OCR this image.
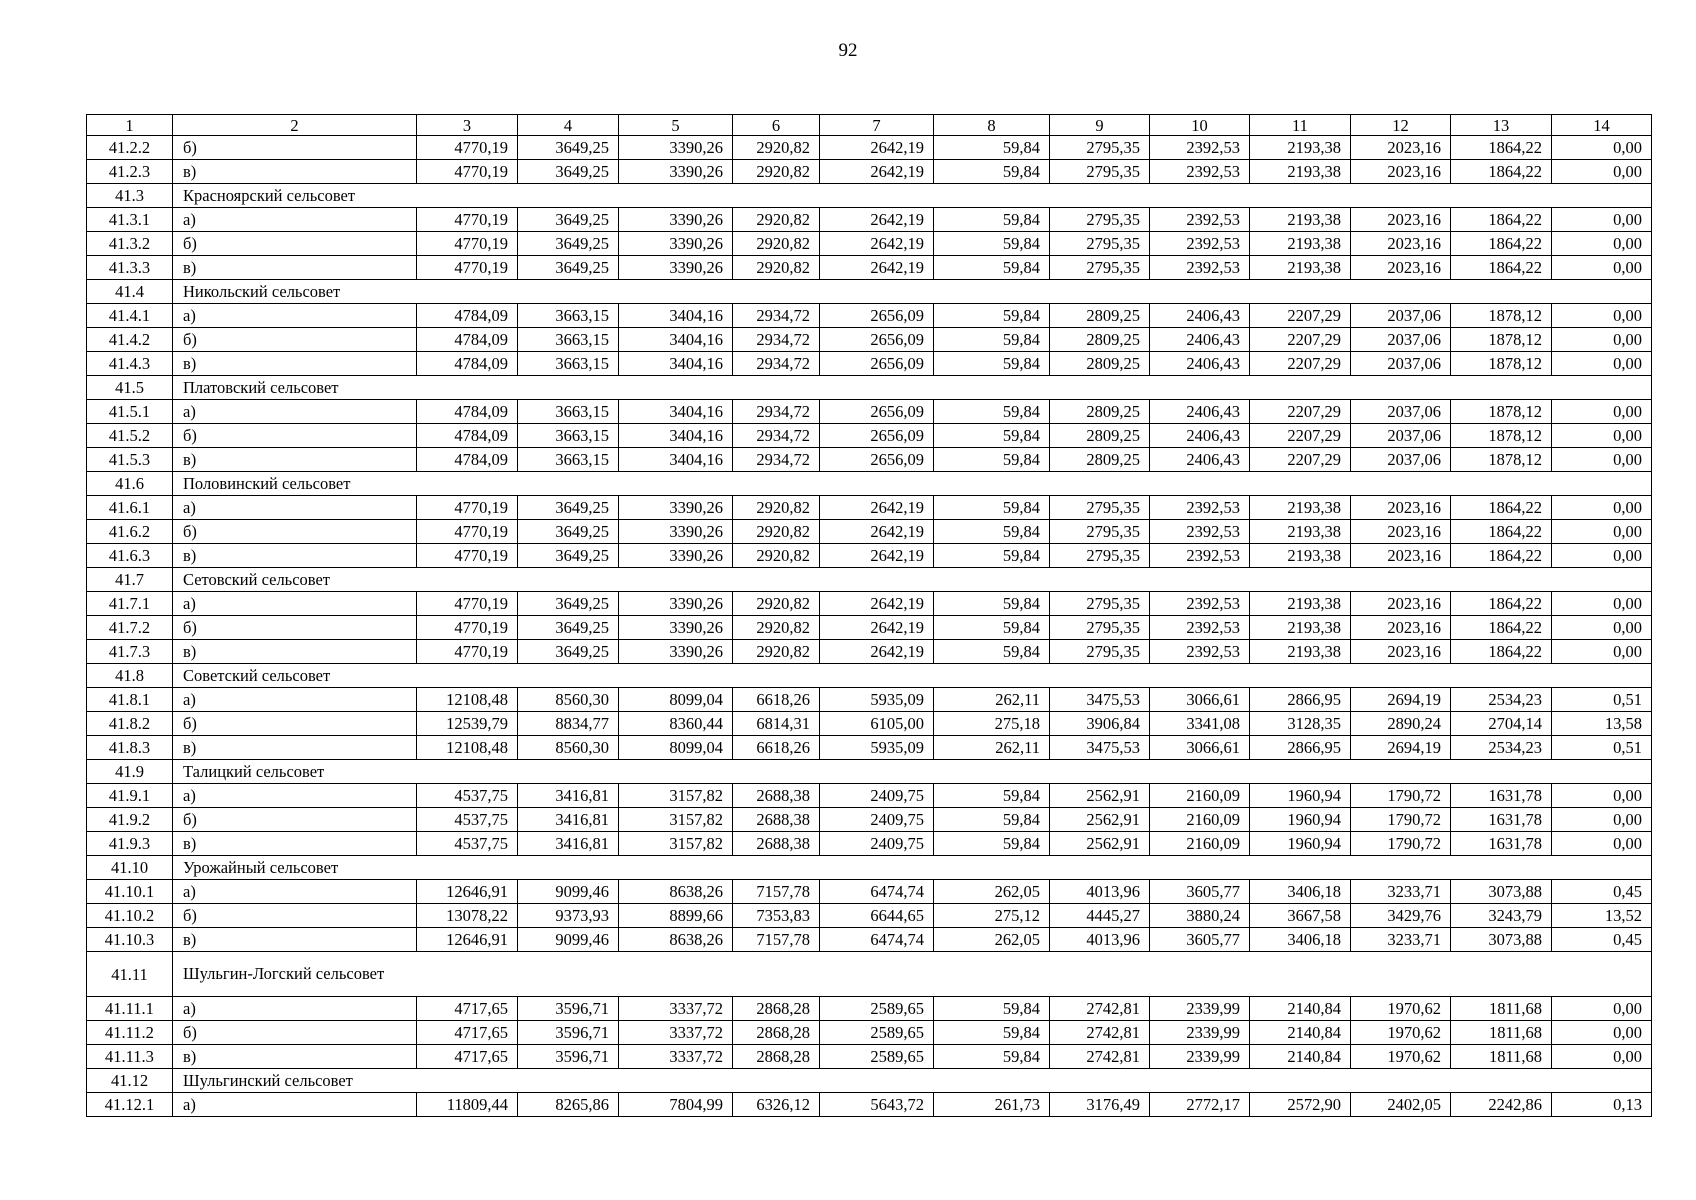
92
1	2	3	4	5	6	7	8	9	10	11	12	13	14
41.2.2	б)	4770,19	3649,25	3390,26	2920,82	2642,19	59,84	2795,35	2392,53	2193,38	2023,16	1864,22	0,00
41.2.3	в)	4770,19	3649,25	3390,26	2920,82	2642,19	59,84	2795,35	2392,53	2193,38	2023,16	1864,22	0,00
41.3	Красноярский сельсовет												
41.3.1	а)	4770,19	3649,25	3390,26	2920,82	2642,19	59,84	2795,35	2392,53	2193,38	2023,16	1864,22	0,00
41.3.2	б)	4770,19	3649,25	3390,26	2920,82	2642,19	59,84	2795,35	2392,53	2193,38	2023,16	1864,22	0,00
41.3.3	в)	4770,19	3649,25	3390,26	2920,82	2642,19	59,84	2795,35	2392,53	2193,38	2023,16	1864,22	0,00
41.4	Никольский сельсовет												
41.4.1	а)	4784,09	3663,15	3404,16	2934,72	2656,09	59,84	2809,25	2406,43	2207,29	2037,06	1878,12	0,00
41.4.2	б)	4784,09	3663,15	3404,16	2934,72	2656,09	59,84	2809,25	2406,43	2207,29	2037,06	1878,12	0,00
41.4.3	в)	4784,09	3663,15	3404,16	2934,72	2656,09	59,84	2809,25	2406,43	2207,29	2037,06	1878,12	0,00
41.5	Платовский сельсовет												
41.5.1	а)	4784,09	3663,15	3404,16	2934,72	2656,09	59,84	2809,25	2406,43	2207,29	2037,06	1878,12	0,00
41.5.2	б)	4784,09	3663,15	3404,16	2934,72	2656,09	59,84	2809,25	2406,43	2207,29	2037,06	1878,12	0,00
41.5.3	в)	4784,09	3663,15	3404,16	2934,72	2656,09	59,84	2809,25	2406,43	2207,29	2037,06	1878,12	0,00
41.6	Половинский сельсовет												
41.6.1	а)	4770,19	3649,25	3390,26	2920,82	2642,19	59,84	2795,35	2392,53	2193,38	2023,16	1864,22	0,00
41.6.2	б)	4770,19	3649,25	3390,26	2920,82	2642,19	59,84	2795,35	2392,53	2193,38	2023,16	1864,22	0,00
41.6.3	в)	4770,19	3649,25	3390,26	2920,82	2642,19	59,84	2795,35	2392,53	2193,38	2023,16	1864,22	0,00
41.7	Сетовский сельсовет												
41.7.1	а)	4770,19	3649,25	3390,26	2920,82	2642,19	59,84	2795,35	2392,53	2193,38	2023,16	1864,22	0,00
41.7.2	б)	4770,19	3649,25	3390,26	2920,82	2642,19	59,84	2795,35	2392,53	2193,38	2023,16	1864,22	0,00
41.7.3	в)	4770,19	3649,25	3390,26	2920,82	2642,19	59,84	2795,35	2392,53	2193,38	2023,16	1864,22	0,00
41.8	Советский сельсовет												
41.8.1	а)	12108,48	8560,30	8099,04	6618,26	5935,09	262,11	3475,53	3066,61	2866,95	2694,19	2534,23	0,51
41.8.2	б)	12539,79	8834,77	8360,44	6814,31	6105,00	275,18	3906,84	3341,08	3128,35	2890,24	2704,14	13,58
41.8.3	в)	12108,48	8560,30	8099,04	6618,26	5935,09	262,11	3475,53	3066,61	2866,95	2694,19	2534,23	0,51
41.9	Талицкий сельсовет												
41.9.1	а)	4537,75	3416,81	3157,82	2688,38	2409,75	59,84	2562,91	2160,09	1960,94	1790,72	1631,78	0,00
41.9.2	б)	4537,75	3416,81	3157,82	2688,38	2409,75	59,84	2562,91	2160,09	1960,94	1790,72	1631,78	0,00
41.9.3	в)	4537,75	3416,81	3157,82	2688,38	2409,75	59,84	2562,91	2160,09	1960,94	1790,72	1631,78	0,00
41.10	Урожайный сельсовет												
41.10.1	а)	12646,91	9099,46	8638,26	7157,78	6474,74	262,05	4013,96	3605,77	3406,18	3233,71	3073,88	0,45
41.10.2	б)	13078,22	9373,93	8899,66	7353,83	6644,65	275,12	4445,27	3880,24	3667,58	3429,76	3243,79	13,52
41.10.3	в)	12646,91	9099,46	8638,26	7157,78	6474,74	262,05	4013,96	3605,77	3406,18	3233,71	3073,88	0,45
41.11	Шульгин-Логский сельсовет												
41.11.1	а)	4717,65	3596,71	3337,72	2868,28	2589,65	59,84	2742,81	2339,99	2140,84	1970,62	1811,68	0,00
41.11.2	б)	4717,65	3596,71	3337,72	2868,28	2589,65	59,84	2742,81	2339,99	2140,84	1970,62	1811,68	0,00
41.11.3	в)	4717,65	3596,71	3337,72	2868,28	2589,65	59,84	2742,81	2339,99	2140,84	1970,62	1811,68	0,00
41.12	Шульгинский сельсовет												
41.12.1	а)	11809,44	8265,86	7804,99	6326,12	5643,72	261,73	3176,49	2772,17	2572,90	2402,05	2242,86	0,13
